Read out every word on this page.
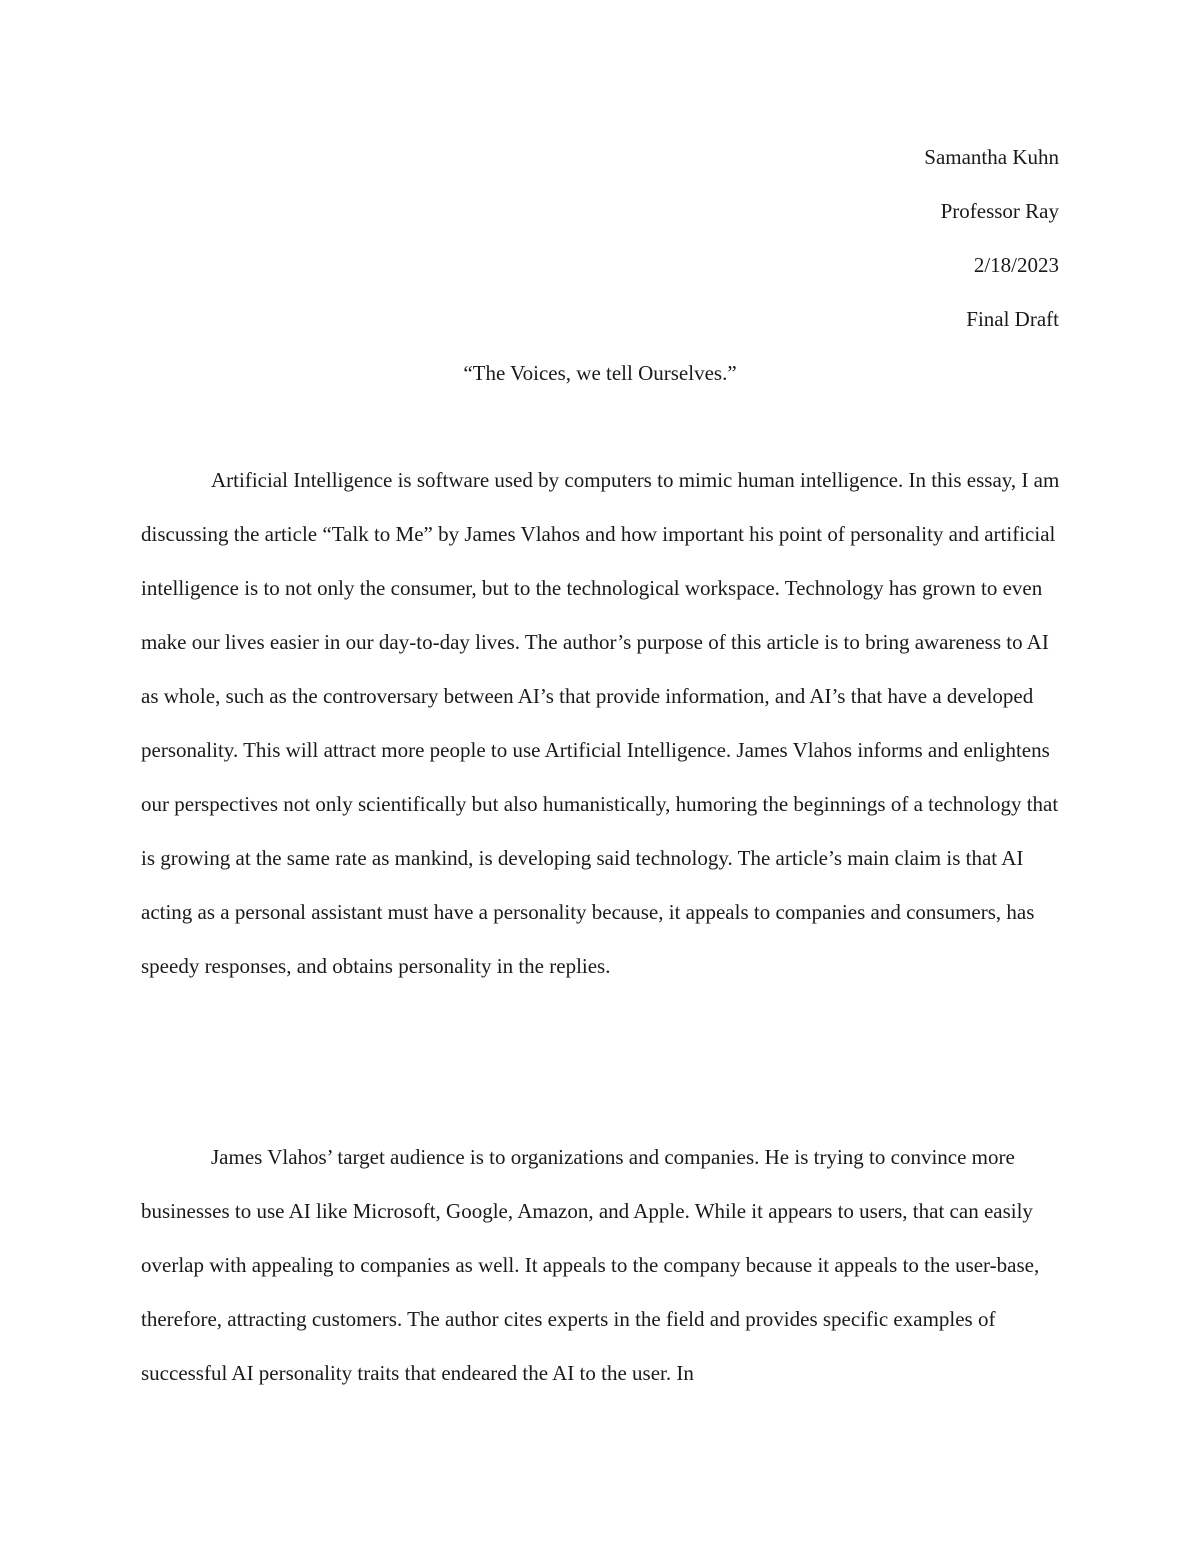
Samantha Kuhn
Professor Ray
2/18/2023
Final Draft
“The Voices, we tell Ourselves.”

Artificial Intelligence is software used by computers to mimic human intelligence. In this essay, I am discussing the article “Talk to Me” by James Vlahos and how important his point of personality and artificial intelligence is to not only the consumer, but to the technological workspace. Technology has grown to even make our lives easier in our day-to-day lives. The author’s purpose of this article is to bring awareness to AI as whole, such as the controversary between AI’s that provide information, and AI’s that have a developed personality. This will attract more people to use Artificial Intelligence. James Vlahos informs and enlightens our perspectives not only scientifically but also humanistically, humoring the beginnings of a technology that is growing at the same rate as mankind, is developing said technology. The article’s main claim is that AI acting as a personal assistant must have a personality because, it appeals to companies and consumers, has speedy responses, and obtains personality in the replies.

James Vlahos’ target audience is to organizations and companies. He is trying to convince more businesses to use AI like Microsoft, Google, Amazon, and Apple. While it appears to users, that can easily overlap with appealing to companies as well. It appeals to the company because it appeals to the user-base, therefore, attracting customers. The author cites experts in the field and provides specific examples of successful AI personality traits that endeared the AI to the user. In
